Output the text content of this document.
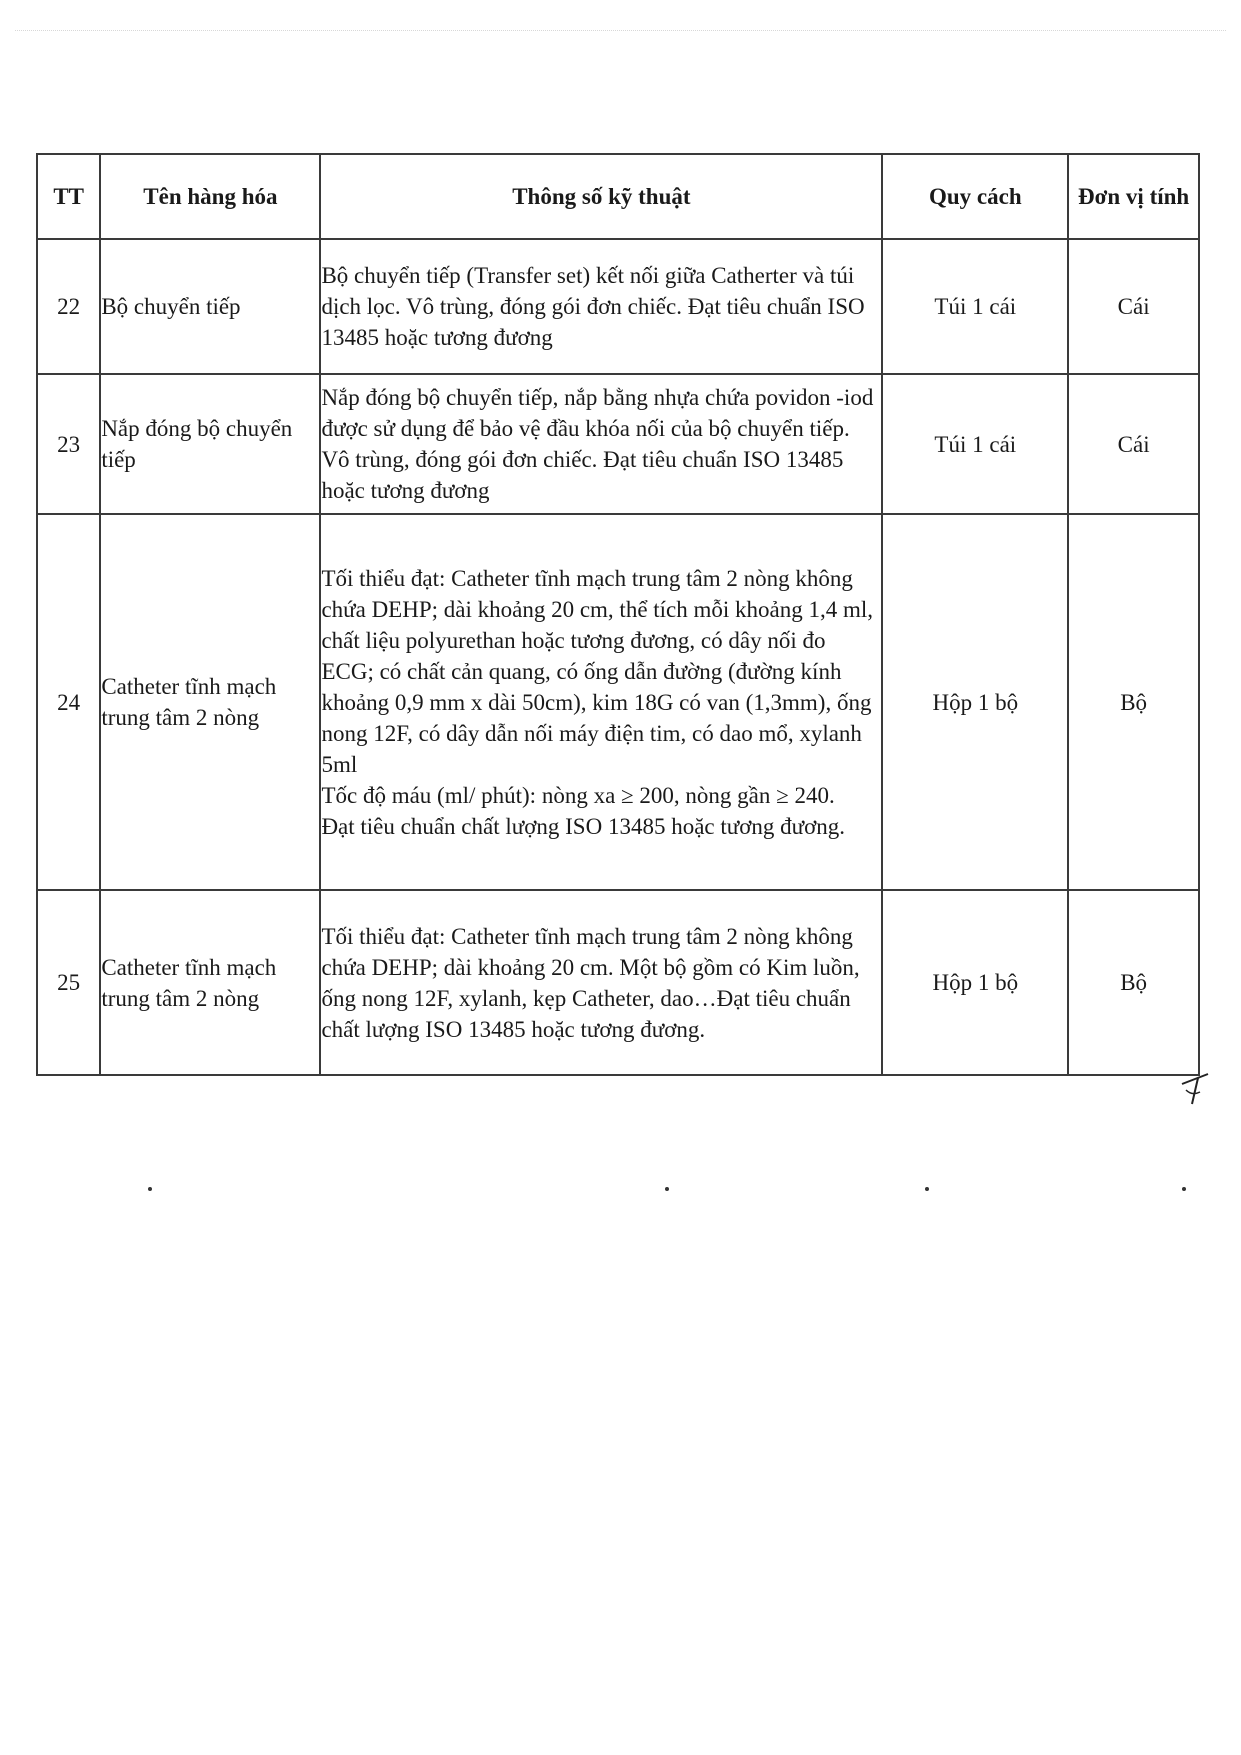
TT	Tên hàng hóa	Thông số kỹ thuật	Quy cách	Đơn vị tính
22	Bộ chuyển tiếp	Bộ chuyển tiếp (Transfer set) kết nối giữa Catherter và túi dịch lọc. Vô trùng, đóng gói đơn chiếc. Đạt tiêu chuẩn ISO 13485 hoặc tương đương	Túi 1 cái	Cái
23	Nắp đóng bộ chuyển tiếp	Nắp đóng bộ chuyển tiếp, nắp bằng nhựa chứa povidon -iod được sử dụng để bảo vệ đầu khóa nối của bộ chuyển tiếp. Vô trùng, đóng gói đơn chiếc. Đạt tiêu chuẩn ISO 13485 hoặc tương đương	Túi 1 cái	Cái
24	Catheter tĩnh mạch trung tâm 2 nòng	Tối thiểu đạt: Catheter tĩnh mạch trung tâm 2 nòng không chứa DEHP; dài khoảng 20 cm, thể tích mỗi khoảng 1,4 ml, chất liệu polyurethan hoặc tương đương, có dây nối đo ECG; có chất cản quang, có ống dẫn đường (đường kính khoảng 0,9 mm x dài 50cm), kim 18G có van (1,3mm), ống nong 12F, có dây dẫn nối máy điện tim, có dao mổ, xylanh 5ml
Tốc độ máu (ml/ phút): nòng xa ≥ 200, nòng gần ≥ 240.
Đạt tiêu chuẩn chất lượng ISO 13485 hoặc tương đương.	Hộp 1 bộ	Bộ
25	Catheter tĩnh mạch trung tâm 2 nòng	Tối thiểu đạt: Catheter tĩnh mạch trung tâm 2 nòng không chứa DEHP; dài khoảng 20 cm. Một bộ gồm có Kim luồn, ống nong 12F, xylanh, kẹp Catheter, dao…Đạt tiêu chuẩn chất lượng ISO 13485 hoặc tương đương.	Hộp 1 bộ	Bộ
